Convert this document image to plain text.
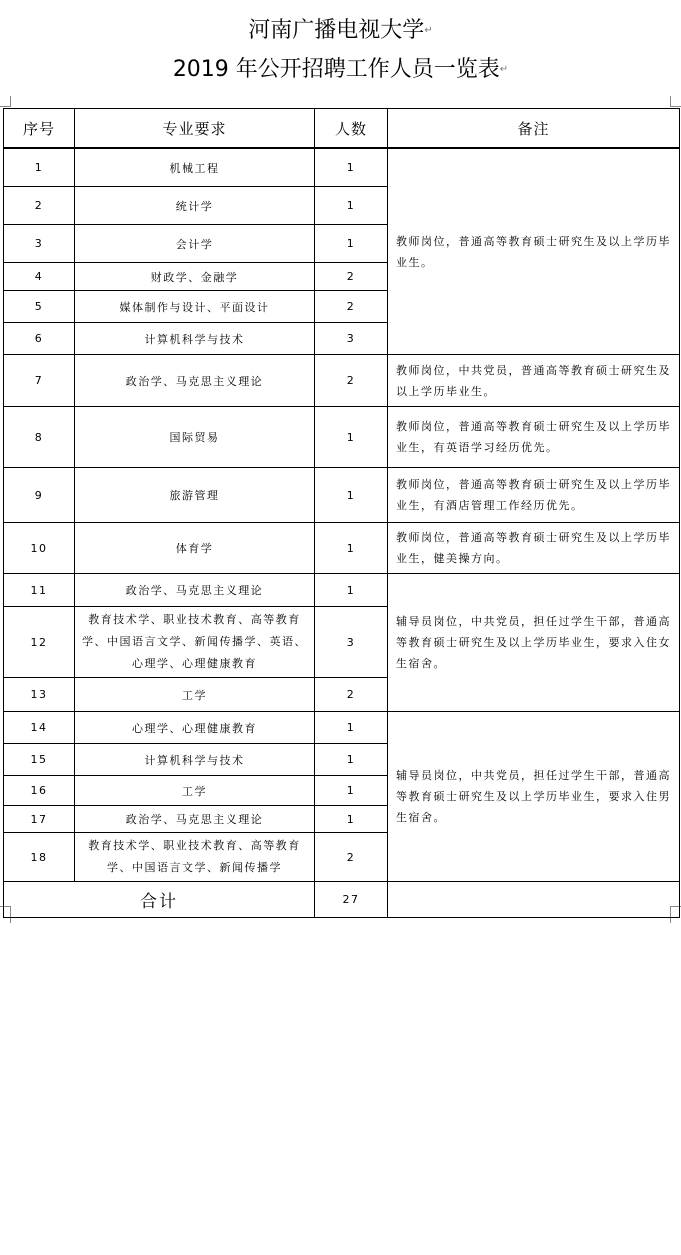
河南广播电视大学↵
2019 年公开招聘工作人员一览表↵
序号	专业要求	人数	备注

1	机械工程	1	教师岗位，普通高等教育硕士研究生及以上学历毕业生。
2	统计学	1	
3	会计学	1	
4	财政学、金融学	2	
5	媒体制作与设计、平面设计	2	
6	计算机科学与技术	3	
7	政治学、马克思主义理论	2	教师岗位，中共党员，普通高等教育硕士研究生及以上学历毕业生。
8	国际贸易	1	教师岗位，普通高等教育硕士研究生及以上学历毕业生，有英语学习经历优先。
9	旅游管理	1	教师岗位，普通高等教育硕士研究生及以上学历毕业生，有酒店管理工作经历优先。
10	体育学	1	教师岗位，普通高等教育硕士研究生及以上学历毕业生，健美操方向。
11	政治学、马克思主义理论	1	辅导员岗位，中共党员，担任过学生干部，普通高等教育硕士研究生及以上学历毕业生，要求入住女生宿舍。
12	教育技术学、职业技术教育、高等教育学、中国语言文学、新闻传播学、英语、心理学、心理健康教育	3	
13	工学	2	
14	心理学、心理健康教育	1	辅导员岗位，中共党员，担任过学生干部，普通高等教育硕士研究生及以上学历毕业生，要求入住男生宿舍。
15	计算机科学与技术	1	
16	工学	1	
17	政治学、马克思主义理论	1	
18	教育技术学、职业技术教育、高等教育学、中国语言文学、新闻传播学	2	
合计		27	
